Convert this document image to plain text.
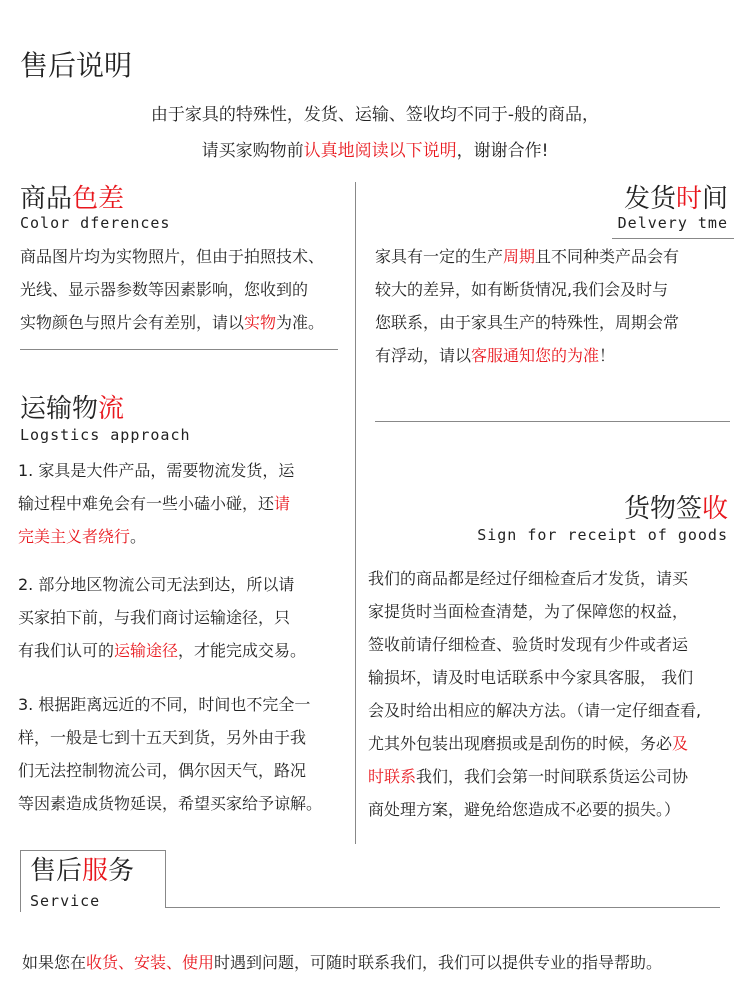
售后说明
由于家具的特殊性，发货、运输、签收均不同于-般的商品，
请买家购物前认真地阅读以下说明，谢谢合作!
商品色差
Color dferences
商品图片均为实物照片，但由于拍照技术、
光线、显示器参数等因素影响，您收到的
实物颜色与照片会有差别，请以实物为准。
发货时间
Delvery tme
家具有一定的生产周期且不同种类产品会有
较大的差异，如有断货情况,我们会及时与
您联系，由于家具生产的特殊性，周期会常
有浮动，请以客服通知您的为准！
运输物流
Logstics approach
1. 家具是大件产品，需要物流发货，运
输过程中难免会有一些小磕小碰，还请
完美主义者绕行。
2. 部分地区物流公司无法到达，所以请
买家拍下前，与我们商讨运输途径，只
有我们认可的运输途径，才能完成交易。
3. 根据距离远近的不同，时间也不完全一
样，一般是七到十五天到货，另外由于我
们无法控制物流公司，偶尔因天气，路况
等因素造成货物延误，希望买家给予谅解。
货物签收
Sign for receipt of goods
我们的商品都是经过仔细检查后才发货，请买
家提货时当面检查清楚，为了保障您的权益，
签收前请仔细检查、验货时发现有少件或者运
输损坏，请及时电话联系中今家具客服， 我们
会及时给出相应的解决方法。（请一定仔细查看,
尤其外包装出现磨损或是刮伤的时候，务必及
时联系我们，我们会第一时间联系货运公司协
商处理方案，避免给您造成不必要的损失。）
售后服务
Service
如果您在收货、安装、使用时遇到问题，可随时联系我们，我们可以提供专业的指导帮助。
